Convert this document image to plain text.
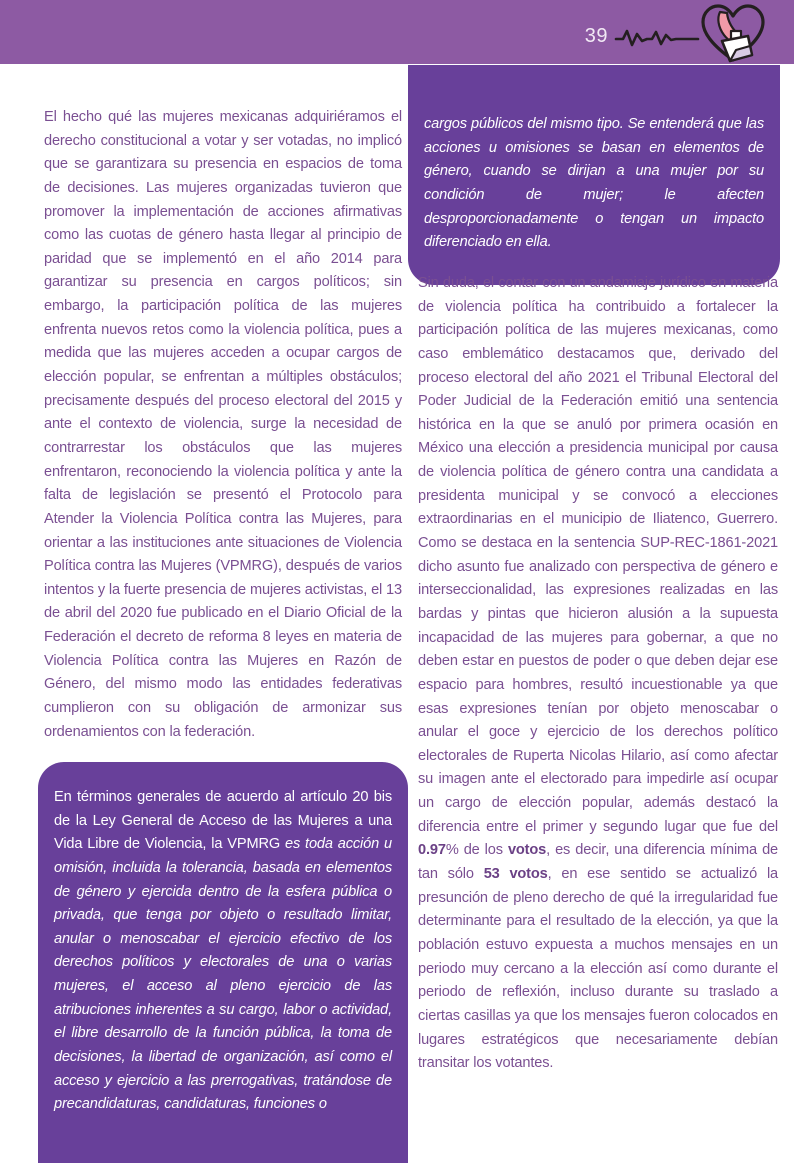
39

cargos públicos del mismo tipo. Se entenderá que las acciones u omisiones se basan en elementos de género, cuando se dirijan a una mujer por su condición de mujer; le afecten desproporcionadamente o tengan un impacto diferenciado en ella.

El hecho qué las mujeres mexicanas adquiriéramos el derecho constitucional a votar y ser votadas, no implicó que se garantizara su presencia en espacios de toma de decisiones. Las mujeres organizadas tuvieron que promover la implementación de acciones afirmativas como las cuotas de género hasta llegar al principio de paridad que se implementó en el año 2014 para garantizar su presencia en cargos políticos; sin embargo, la participación política de las mujeres enfrenta nuevos retos como la violencia política, pues a medida que las mujeres acceden a ocupar cargos de elección popular, se enfrentan a múltiples obstáculos; precisamente después del proceso electoral del 2015 y ante el contexto de violencia, surge la necesidad de contrarrestar los obstáculos que las mujeres enfrentaron, reconociendo la violencia política y ante la falta de legislación se presentó el Protocolo para Atender la Violencia Política contra las Mujeres, para orientar a las instituciones ante situaciones de Violencia Política contra las Mujeres (VPMRG), después de varios intentos y la fuerte presencia de mujeres activistas, el 13 de abril del 2020 fue publicado en el Diario Oficial de la Federación el decreto de reforma 8 leyes en materia de Violencia Política contra las Mujeres en Razón de Género, del mismo modo las entidades federativas cumplieron con su obligación de armonizar sus ordenamientos con la federación.

En términos generales de acuerdo al artículo 20 bis de la Ley General de Acceso de las Mujeres a una Vida Libre de Violencia, la VPMRG es toda acción u omisión, incluida la tolerancia, basada en elementos de género y ejercida dentro de la esfera pública o privada, que tenga por objeto o resultado limitar, anular o menoscabar el ejercicio efectivo de los derechos políticos y electorales de una o varias mujeres, el acceso al pleno ejercicio de las atribuciones inherentes a su cargo, labor o actividad, el libre desarrollo de la función pública, la toma de decisiones, la libertad de organización, así como el acceso y ejercicio a las prerrogativas, tratándose de precandidaturas, candidaturas, funciones o

Sin duda, el contar con un andamiaje jurídico en materia de violencia política ha contribuido a fortalecer la participación política de las mujeres mexicanas, como caso emblemático destacamos que, derivado del proceso electoral del año 2021 el Tribunal Electoral del Poder Judicial de la Federación emitió una sentencia histórica en la que se anuló por primera ocasión en México una elección a presidencia municipal por causa de violencia política de género contra una candidata a presidenta municipal y se convocó a elecciones extraordinarias en el municipio de Iliatenco, Guerrero. Como se destaca en la sentencia SUP-REC-1861-2021 dicho asunto fue analizado con perspectiva de género e interseccionalidad, las expresiones realizadas en las bardas y pintas que hicieron alusión a la supuesta incapacidad de las mujeres para gobernar, a que no deben estar en puestos de poder o que deben dejar ese espacio para hombres, resultó incuestionable ya que esas expresiones tenían por objeto menoscabar o anular el goce y ejercicio de los derechos político electorales de Ruperta Nicolas Hilario, así como afectar su imagen ante el electorado para impedirle así ocupar un cargo de elección popular, además destacó la diferencia entre el primer y segundo lugar que fue del 0.97% de los votos, es decir, una diferencia mínima de tan sólo 53 votos, en ese sentido se actualizó la presunción de pleno derecho de qué la irregularidad fue determinante para el resultado de la elección, ya que la población estuvo expuesta a muchos mensajes en un periodo muy cercano a la elección así como durante el periodo de reflexión, incluso durante su traslado a ciertas casillas ya que los mensajes fueron colocados en lugares estratégicos que necesariamente debían transitar los votantes.
